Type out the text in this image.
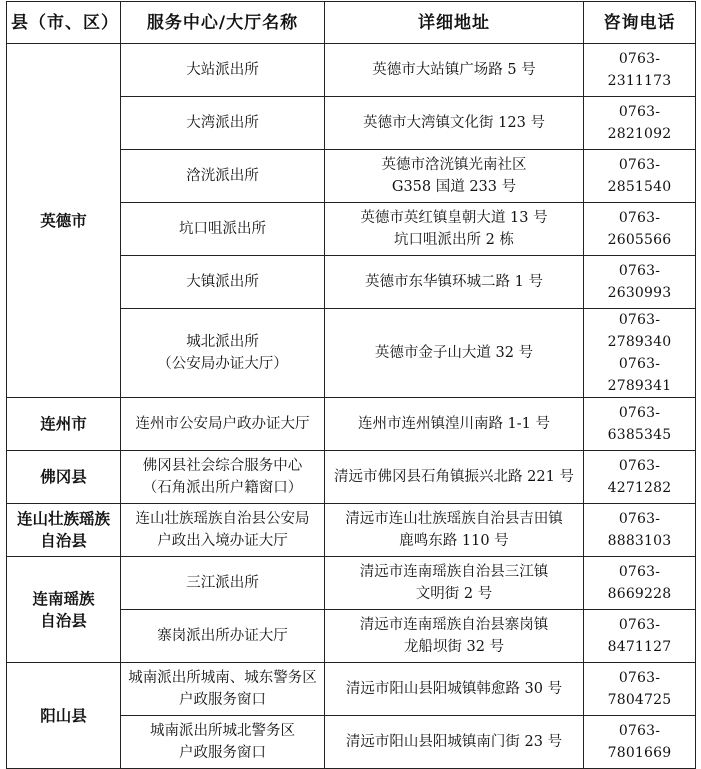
县（市、区）	服务中心/大厅名称	详细地址	咨询电话
英德市	大站派出所	英德市大站镇广场路 5 号	0763-2311173

	大湾派出所	英德市大湾镇文化街 123 号	0763-2821092

	浛洸派出所	英德市浛洸镇光南社区
G358 国道 233 号	0763-2851540

	坑口咀派出所	英德市英红镇皇朝大道 13 号
坑口咀派出所 2 栋	0763-2605566

	大镇派出所	英德市东华镇环城二路 1 号	0763-2630993

	城北派出所
（公安局办证大厅）	英德市金子山大道 32 号	0763-2789340
0763-2789341

连州市	连州市公安局户政办证大厅	连州市连州镇湟川南路 1-1 号	0763-6385345

佛冈县	佛冈县社会综合服务中心
（石角派出所户籍窗口）	清远市佛冈县石角镇振兴北路 221 号	0763-4271282

连山壮族瑶族
自治县	连山壮族瑶族自治县公安局
户政出入境办证大厅	清远市连山壮族瑶族自治县吉田镇
鹿鸣东路 110 号	0763-8883103

连南瑶族
自治县	三江派出所	清远市连南瑶族自治县三江镇
文明街 2 号	0763-8669228

	寨岗派出所办证大厅	清远市连南瑶族自治县寨岗镇
龙船坝街 32 号	0763-8471127

阳山县	城南派出所城南、城东警务区
户政服务窗口	清远市阳山县阳城镇韩愈路 30 号	0763-7804725

	城南派出所城北警务区
户政服务窗口	清远市阳山县阳城镇南门街 23 号	0763-7801669
